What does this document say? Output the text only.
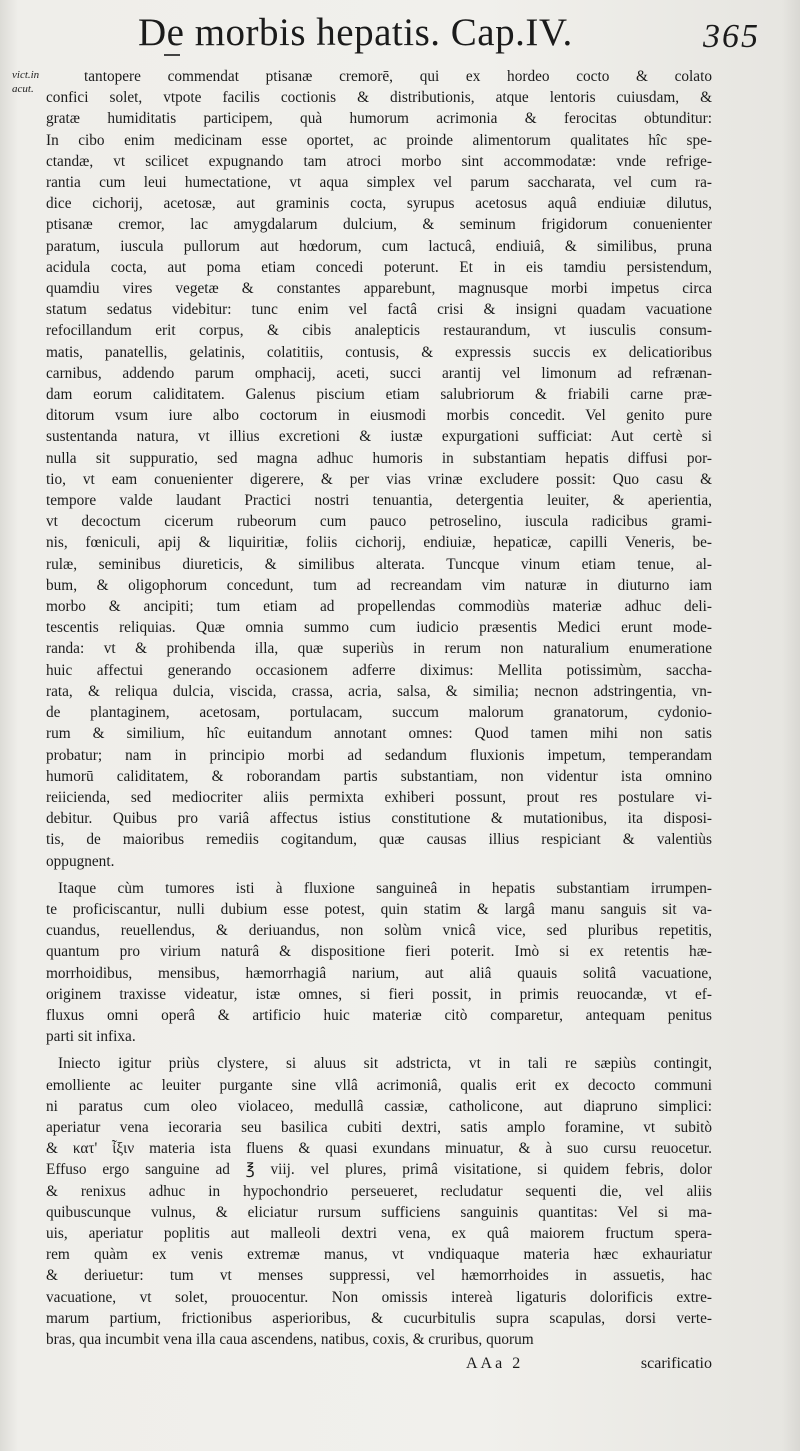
De morbis hepatis. Cap.IV.	365
vict.in acut.
tantopere commendat ptisanæ cremorē, qui ex hordeo cocto & colato
confici solet, vtpote facilis coctionis & distributionis, atque lentoris cuiusdam, &
gratæ humiditatis participem, quà humorum acrimonia & ferocitas obtunditur:
In cibo enim medicinam esse oportet, ac proinde alimentorum qualitates hîc spe-
ctandæ, vt scilicet expugnando tam atroci morbo sint accommodatæ: vnde refrige-
rantia cum leui humectatione, vt aqua simplex vel parum saccharata, vel cum ra-
dice cichorij, acetosæ, aut graminis cocta, syrupus acetosus aquâ endiuiæ dilutus,
ptisanæ cremor, lac amygdalarum dulcium, & seminum frigidorum conuenienter
paratum, iuscula pullorum aut hœdorum, cum lactucâ, endiuiâ, & similibus, pruna
acidula cocta, aut poma etiam concedi poterunt. Et in eis tamdiu persistendum,
quamdiu vires vegetæ & constantes apparebunt, magnusque morbi impetus circa
statum sedatus videbitur: tunc enim vel factâ crisi & insigni quadam vacuatione
refocillandum erit corpus, & cibis analepticis restaurandum, vt iusculis consum-
matis, panatellis, gelatinis, colatitiis, contusis, & expressis succis ex delicatioribus
carnibus, addendo parum omphacij, aceti, succi arantij vel limonum ad refrænan-
dam eorum caliditatem. Galenus piscium etiam salubriorum & friabili carne præ-
ditorum vsum iure albo coctorum in eiusmodi morbis concedit. Vel genito pure
sustentanda natura, vt illius excretioni & iustæ expurgationi sufficiat: Aut certè si
nulla sit suppuratio, sed magna adhuc humoris in substantiam hepatis diffusi por-
tio, vt eam conuenienter digerere, & per vias vrinæ excludere possit: Quo casu &
tempore valde laudant Practici nostri tenuantia, detergentia leuiter, & aperientia,
vt decoctum cicerum rubeorum cum pauco petroselino, iuscula radicibus grami-
nis, fœniculi, apij & liquiritiæ, foliis cichorij, endiuiæ, hepaticæ, capilli Veneris, be-
rulæ, seminibus diureticis, & similibus alterata. Tuncque vinum etiam tenue, al-
bum, & oligophorum concedunt, tum ad recreandam vim naturæ in diuturno iam
morbo & ancipiti; tum etiam ad propellendas commodiùs materiæ adhuc deli-
tescentis reliquias. Quæ omnia summo cum iudicio præsentis Medici erunt mode-
randa: vt & prohibenda illa, quæ superiùs in rerum non naturalium enumeratione
huic affectui generando occasionem adferre diximus: Mellita potissimùm, saccha-
rata, & reliqua dulcia, viscida, crassa, acria, salsa, & similia; necnon adstringentia, vn-
de plantaginem, acetosam, portulacam, succum malorum granatorum, cydonio-
rum & similium, hîc euitandum annotant omnes: Quod tamen mihi non satis
probatur; nam in principio morbi ad sedandum fluxionis impetum, temperandam
humorū caliditatem, & roborandam partis substantiam, non videntur ista omnino
reiicienda, sed mediocriter aliis permixta exhiberi possunt, prout res postulare vi-
debitur. Quibus pro variâ affectus istius constitutione & mutationibus, ita disposi-
tis, de maioribus remediis cogitandum, quæ causas illius respiciant & valentiùs
oppugnent.
Itaque cùm tumores isti à fluxione sanguineâ in hepatis substantiam irrumpen-
te proficiscantur, nulli dubium esse potest, quin statim & largâ manu sanguis sit va-
cuandus, reuellendus, & deriuandus, non solùm vnicâ vice, sed pluribus repetitis,
quantum pro virium naturâ & dispositione fieri poterit. Imò si ex retentis hæ-
morrhoidibus, mensibus, hæmorrhagiâ narium, aut aliâ quauis solitâ vacuatione,
originem traxisse videatur, istæ omnes, si fieri possit, in primis reuocandæ, vt ef-
fluxus omni operâ & artificio huic materiæ citò comparetur, antequam penitus
parti sit infixa.
Iniecto igitur priùs clystere, si aluus sit adstricta, vt in tali re sæpiùs contingit,
emolliente ac leuiter purgante sine vllâ acrimoniâ, qualis erit ex decocto communi
ni paratus cum oleo violaceo, medullâ cassiæ, catholicone, aut diapruno simplici:
aperiatur vena iecoraria seu basilica cubiti dextri, satis amplo foramine, vt subitò
& κατ' ἶξιν materia ista fluens & quasi exundans minuatur, & à suo cursu reuocetur.
Effuso ergo sanguine ad ℥ viij. vel plures, primâ visitatione, si quidem febris, dolor
& renixus adhuc in hypochondrio perseueret, recludatur sequenti die, vel aliis
quibuscunque vulnus, & eliciatur rursum sufficiens sanguinis quantitas: Vel si ma-
uis, aperiatur poplitis aut malleoli dextri vena, ex quâ maiorem fructum spera-
rem quàm ex venis extremæ manus, vt vndiquaque materia hæc exhauriatur
& deriuetur: tum vt menses suppressi, vel hæmorrhoides in assuetis, hac
vacuatione, vt solet, prouocentur. Non omissis intereà ligaturis dolorificis extre-
marum partium, frictionibus asperioribus, & cucurbitulis supra scapulas, dorsi verte-
bras, qua incumbit vena illa caua ascendens, natibus, coxis, & cruribus, quorum
AAa 2	scarificatio
